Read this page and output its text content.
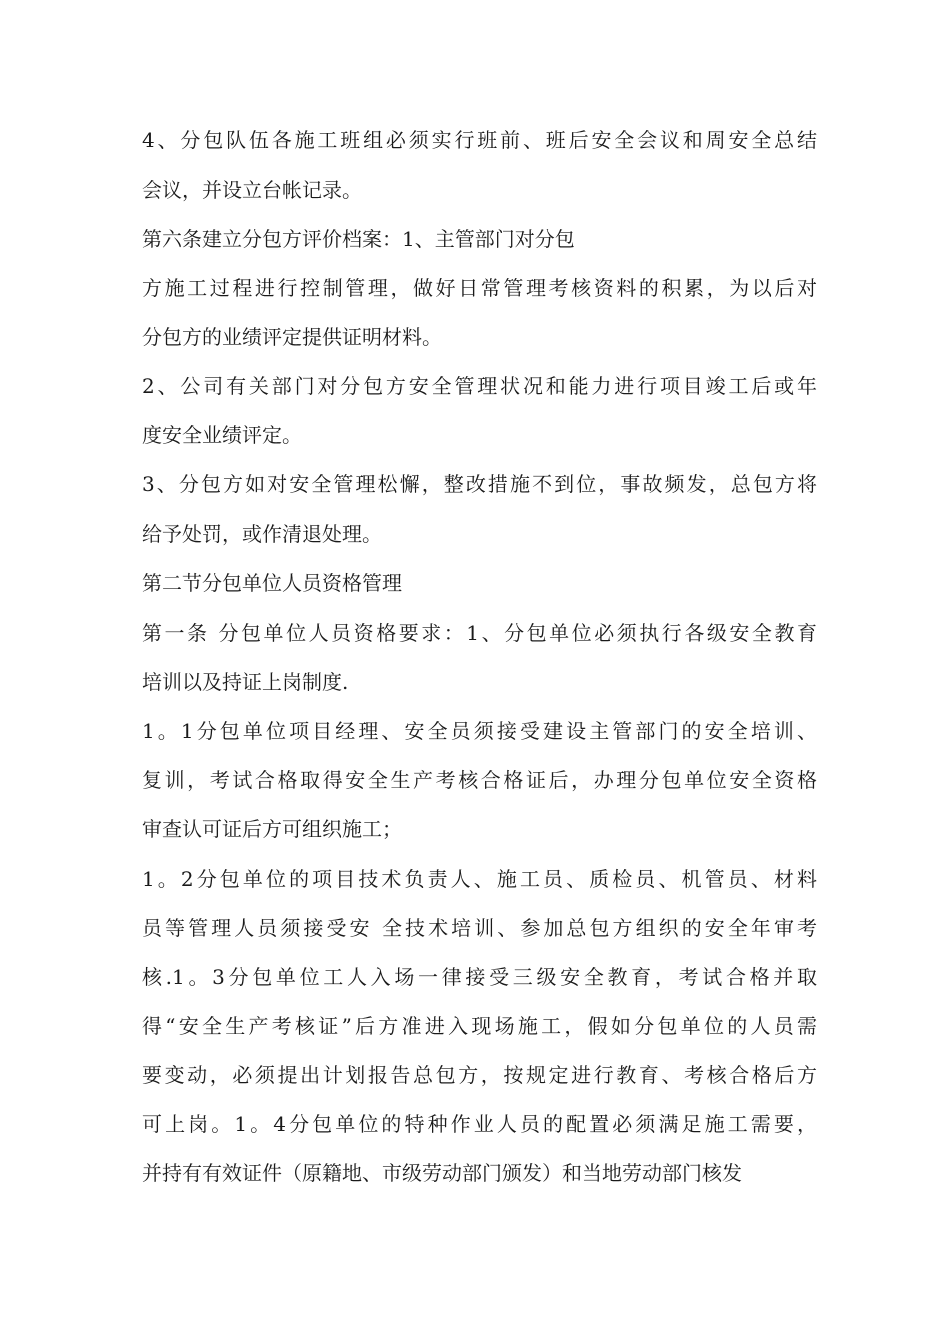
4、分包队伍各施工班组必须实行班前、班后安全会议和周安全总结
会议，并设立台帐记录。
第六条建立分包方评价档案：1、主管部门对分包
方施工过程进行控制管理，做好日常管理考核资料的积累，为以后对
分包方的业绩评定提供证明材料。
2、公司有关部门对分包方安全管理状况和能力进行项目竣工后或年
度安全业绩评定。
3、分包方如对安全管理松懈，整改措施不到位，事故频发，总包方将
给予处罚，或作清退处理。
第二节分包单位人员资格管理
第一条 分包单位人员资格要求：1、分包单位必须执行各级安全教育
培训以及持证上岗制度.
1。1分包单位项目经理、安全员须接受建设主管部门的安全培训、
复训，考试合格取得安全生产考核合格证后，办理分包单位安全资格
审查认可证后方可组织施工；
1。2分包单位的项目技术负责人、施工员、质检员、机管员、材料
员等管理人员须接受安 全技术培训、参加总包方组织的安全年审考
核.1。3分包单位工人入场一律接受三级安全教育，考试合格并取
得“安全生产考核证”后方准进入现场施工，假如分包单位的人员需
要变动，必须提出计划报告总包方，按规定进行教育、考核合格后方
可上岗。1。4分包单位的特种作业人员的配置必须满足施工需要，
并持有有效证件（原籍地、市级劳动部门颁发）和当地劳动部门核发
